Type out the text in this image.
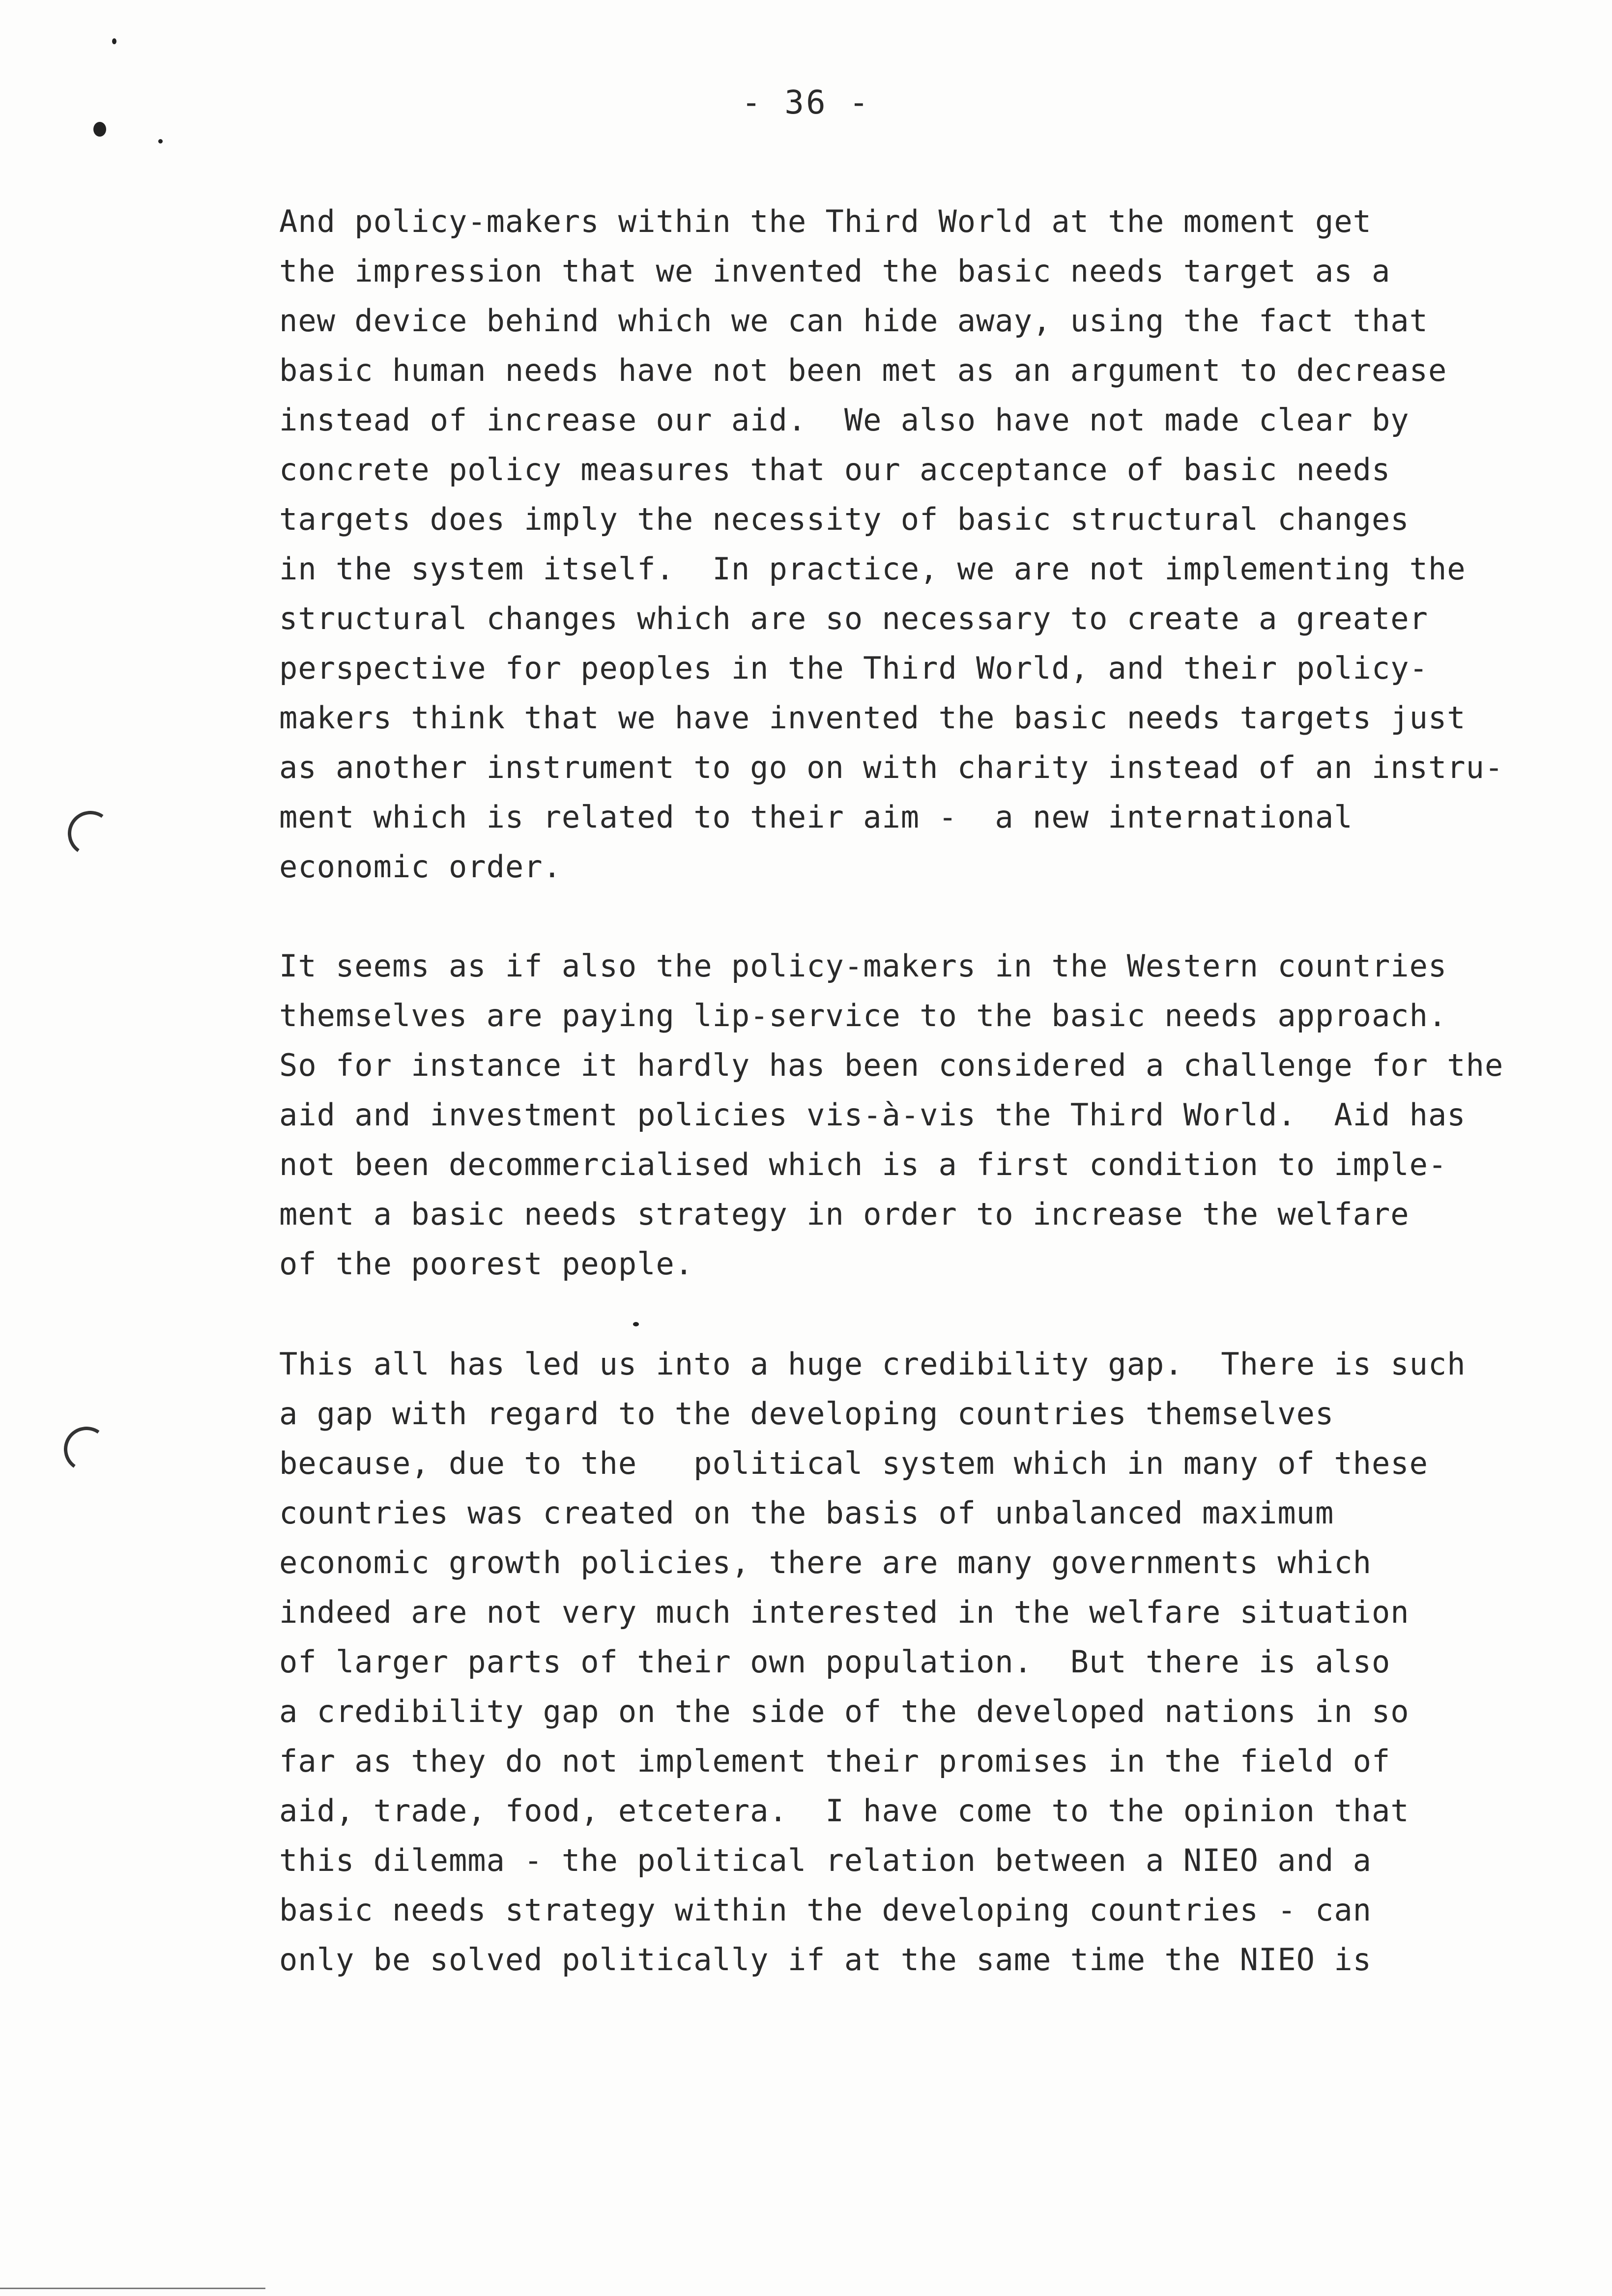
- 36 -
And policy-makers within the Third World at the moment get
the impression that we invented the basic needs target as a
new device behind which we can hide away, using the fact that
basic human needs have not been met as an argument to decrease
instead of increase our aid.  We also have not made clear by
concrete policy measures that our acceptance of basic needs
targets does imply the necessity of basic structural changes
in the system itself.  In practice, we are not implementing the
structural changes which are so necessary to create a greater
perspective for peoples in the Third World, and their policy-
makers think that we have invented the basic needs targets just
as another instrument to go on with charity instead of an instru-
ment which is related to their aim -  a new international
economic order.
It seems as if also the policy-makers in the Western countries
themselves are paying lip-service to the basic needs approach.
So for instance it hardly has been considered a challenge for the
aid and investment policies vis-à-vis the Third World.  Aid has
not been decommercialised which is a first condition to imple-
ment a basic needs strategy in order to increase the welfare
of the poorest people.
This all has led us into a huge credibility gap.  There is such
a gap with regard to the developing countries themselves
because, due to the   political system which in many of these
countries was created on the basis of unbalanced maximum
economic growth policies, there are many governments which
indeed are not very much interested in the welfare situation
of larger parts of their own population.  But there is also
a credibility gap on the side of the developed nations in so
far as they do not implement their promises in the field of
aid, trade, food, etcetera.  I have come to the opinion that
this dilemma - the political relation between a NIEO and a
basic needs strategy within the developing countries - can
only be solved politically if at the same time the NIEO is
